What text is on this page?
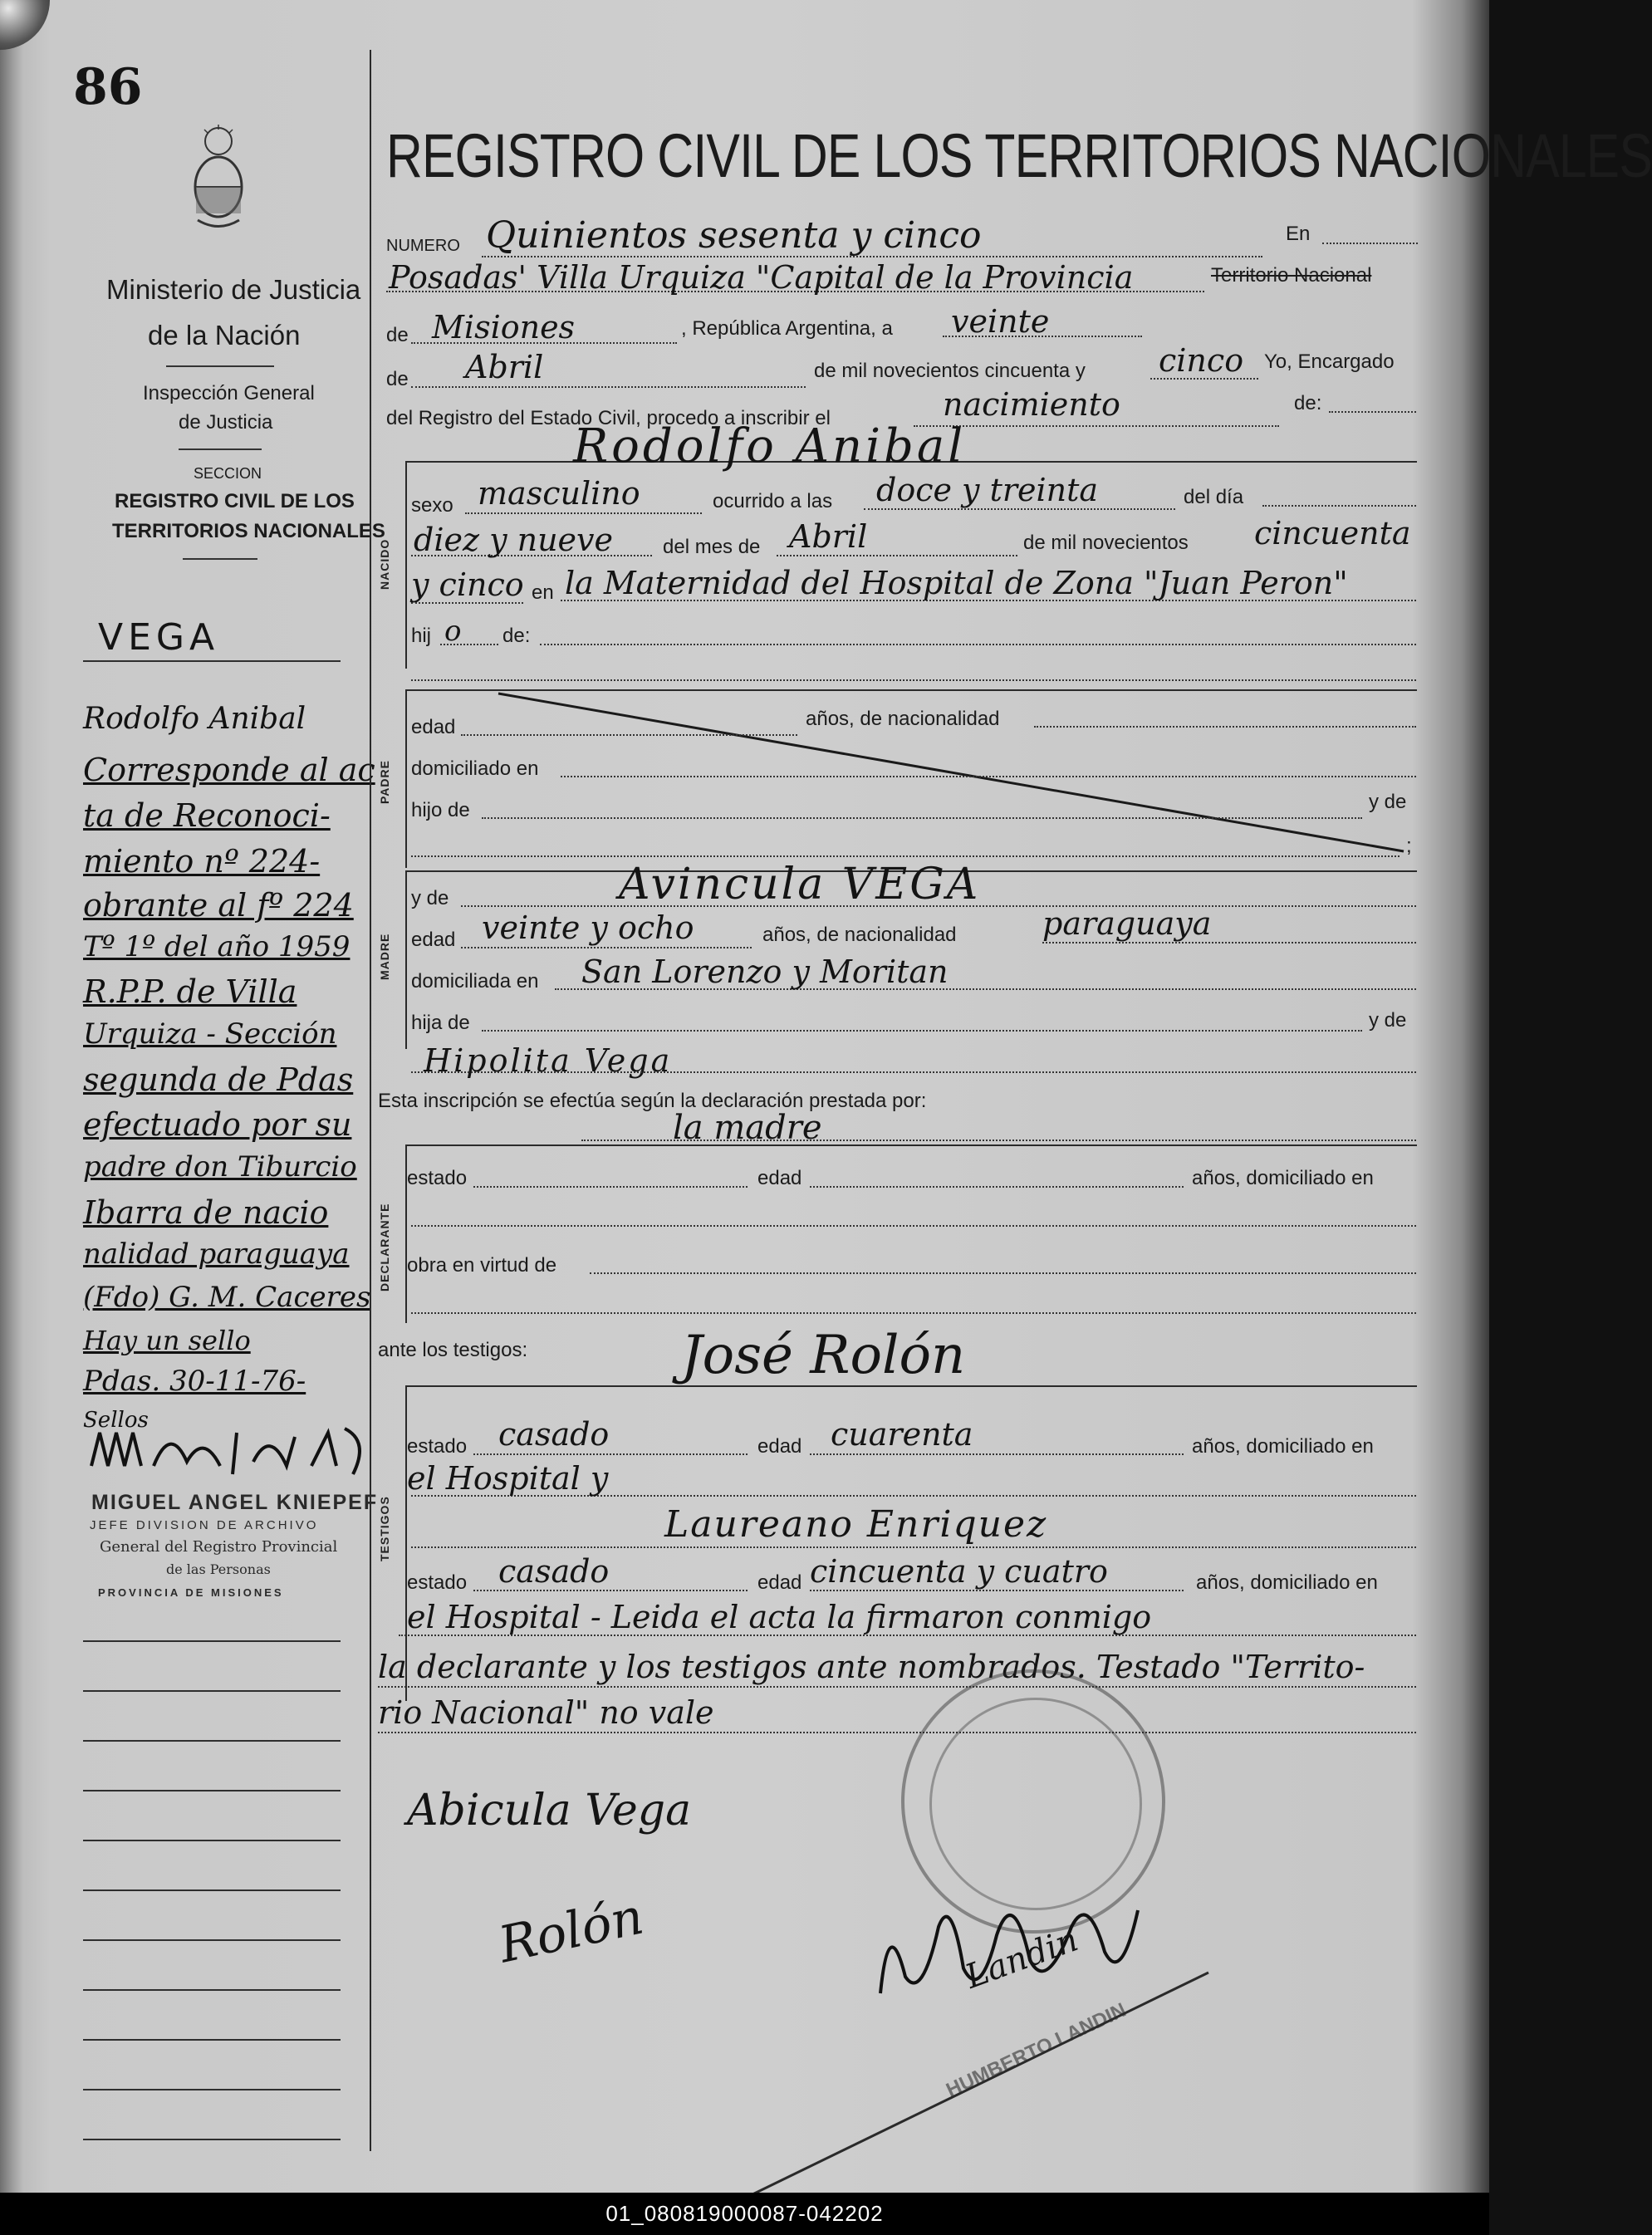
86
Ministerio de Justicia
de la Nación
Inspección General
de Justicia
SECCION
REGISTRO CIVIL DE LOS
TERRITORIOS NACIONALES
VEGA
Rodolfo Anibal
Corresponde al ac
ta de Reconoci-
miento nº 224-
obrante al fº 224
Tº 1º del año 1959
R.P.P. de Villa
Urquiza - Sección
segunda de Pdas
efectuado por su
padre don Tiburcio
Ibarra de nacio
nalidad paraguaya
(Fdo) G. M. Caceres
Hay un sello
Pdas. 30-11-76-
Sellos
MIGUEL ANGEL KNIEPEF
JEFE DIVISION DE ARCHIVO
General del Registro Provincial
de las Personas
PROVINCIA DE MISIONES
REGISTRO CIVIL DE LOS TERRITORIOS NACIONALES
NUMERO Quinientos sesenta y cinco	En
Posadas' Villa Urquiza "Capital de la Provincia	Territorio Nacional
de Misiones	, República Argentina, a veinte
de Abril	de mil novecientos cincuenta y cinco Yo, Encargado
del Registro del Estado Civil, procedo a inscribir el	nacimiento	de:
NACIDO
Rodolfo Anibal
sexo masculino	ocurrido a las doce y treinta	del día
diez y nueve del mes de Abril	de mil novecientos cincuenta
y cinco en la Maternidad del Hospital de Zona "Juan Peron"
hij o de:
PADRE
edad	años, de nacionalidad
domiciliado en
hijo de	y de
;
MADRE
y de	Avincula VEGA
edad veinte y ocho	años, de nacionalidad	paraguaya
domiciliada en San Lorenzo y Moritan
hija de	y de
Hipolita Vega
Esta inscripción se efectúa según la declaración prestada por:
la madre
DECLARANTE
estado	edad	años, domiciliado en
obra en virtud de
ante los testigos:	José Rolón
TESTIGOS
estado casado	edad cuarenta	años, domiciliado en
el Hospital y
Laureano Enriquez
estado casado	edad cincuenta y cuatro	años, domiciliado en
el Hospital - Leida el acta la firmaron conmigo
la declarante y los testigos ante nombrados. Testado "Territo-
rio Nacional" no vale
Abicula Vega
Rolón	Landin
HUMBERTO LANDIN
01_080819000087-042202
